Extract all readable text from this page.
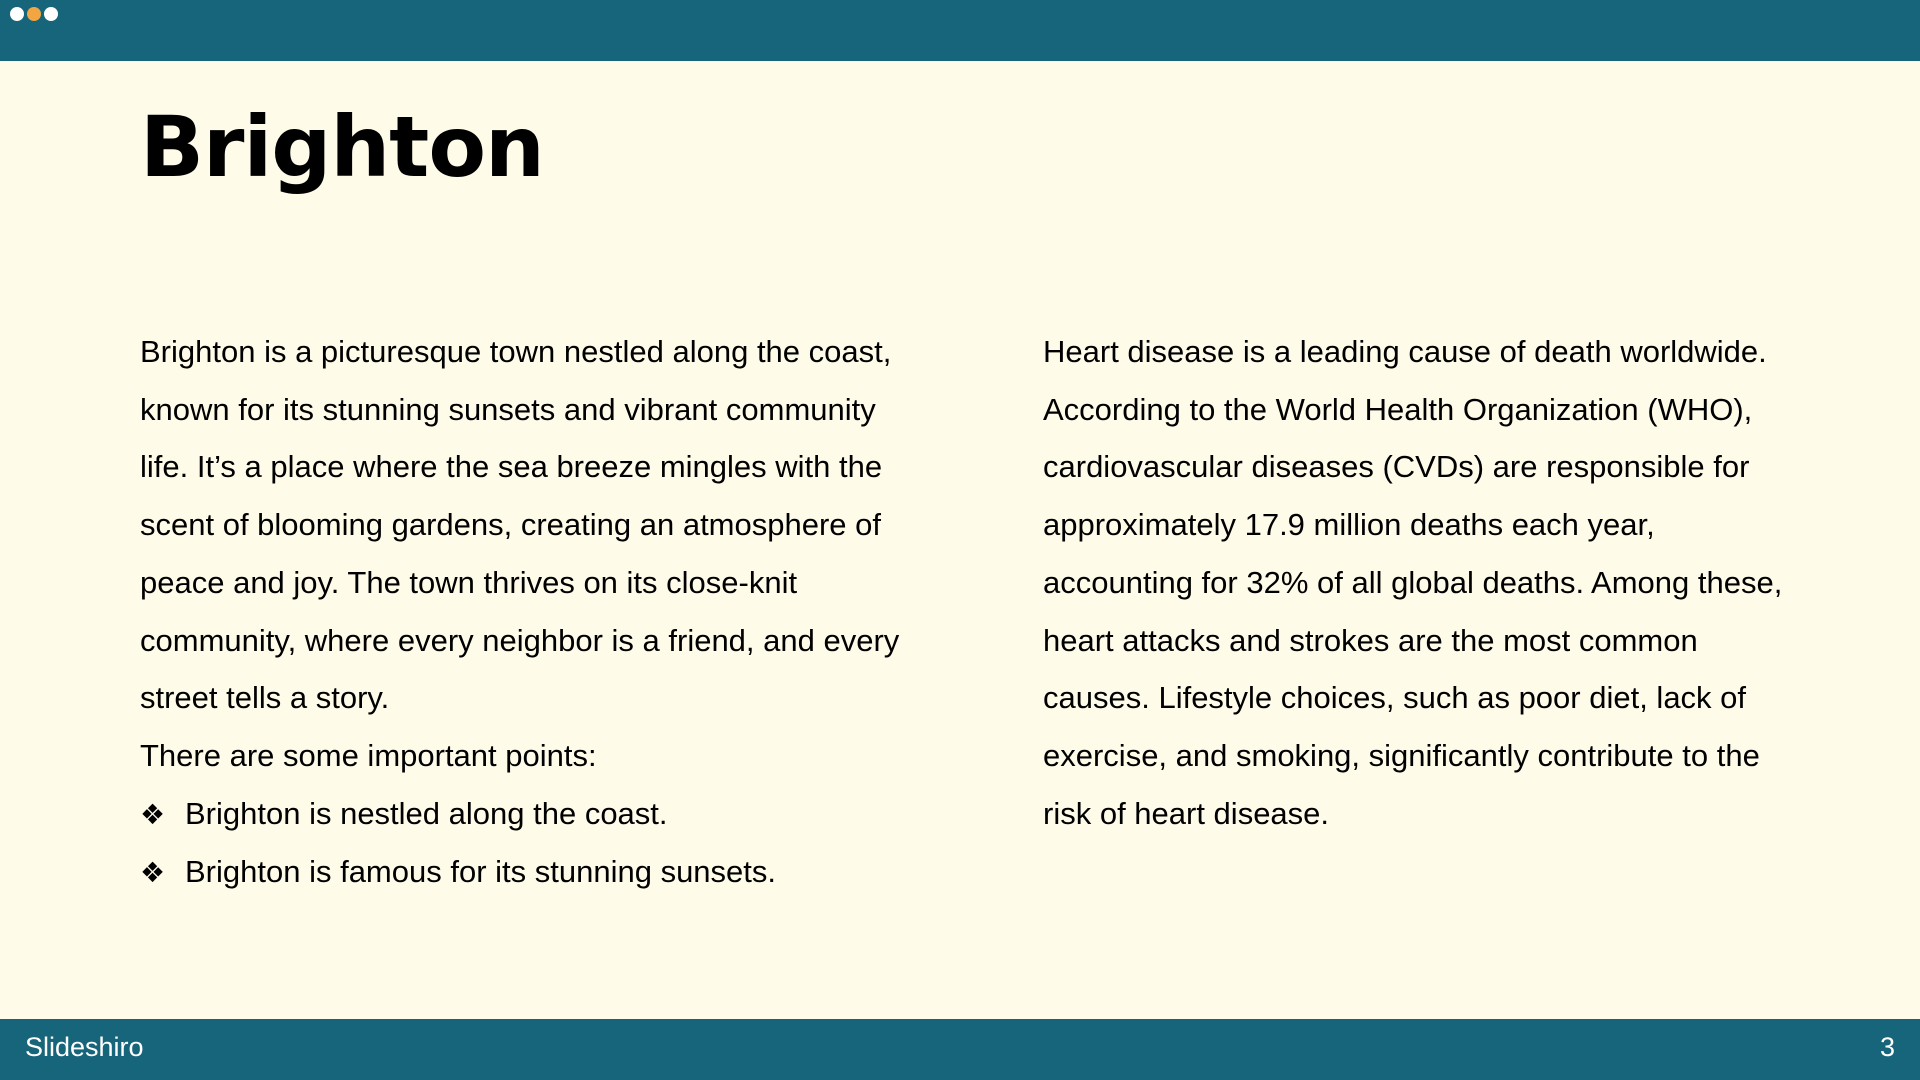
Brighton

Brighton is a picturesque town nestled along the coast, known for its stunning sunsets and vibrant community life. It’s a place where the sea breeze mingles with the scent of blooming gardens, creating an atmosphere of peace and joy. The town thrives on its close-knit community, where every neighbor is a friend, and every street tells a story.

There are some important points:

❖ Brighton is nestled along the coast.
❖ Brighton is famous for its stunning sunsets.

Heart disease is a leading cause of death worldwide. According to the World Health Organization (WHO), cardiovascular diseases (CVDs) are responsible for approximately 17.9 million deaths each year, accounting for 32% of all global deaths. Among these, heart attacks and strokes are the most common causes. Lifestyle choices, such as poor diet, lack of exercise, and smoking, significantly contribute to the risk of heart disease.

Slideshiro	3
